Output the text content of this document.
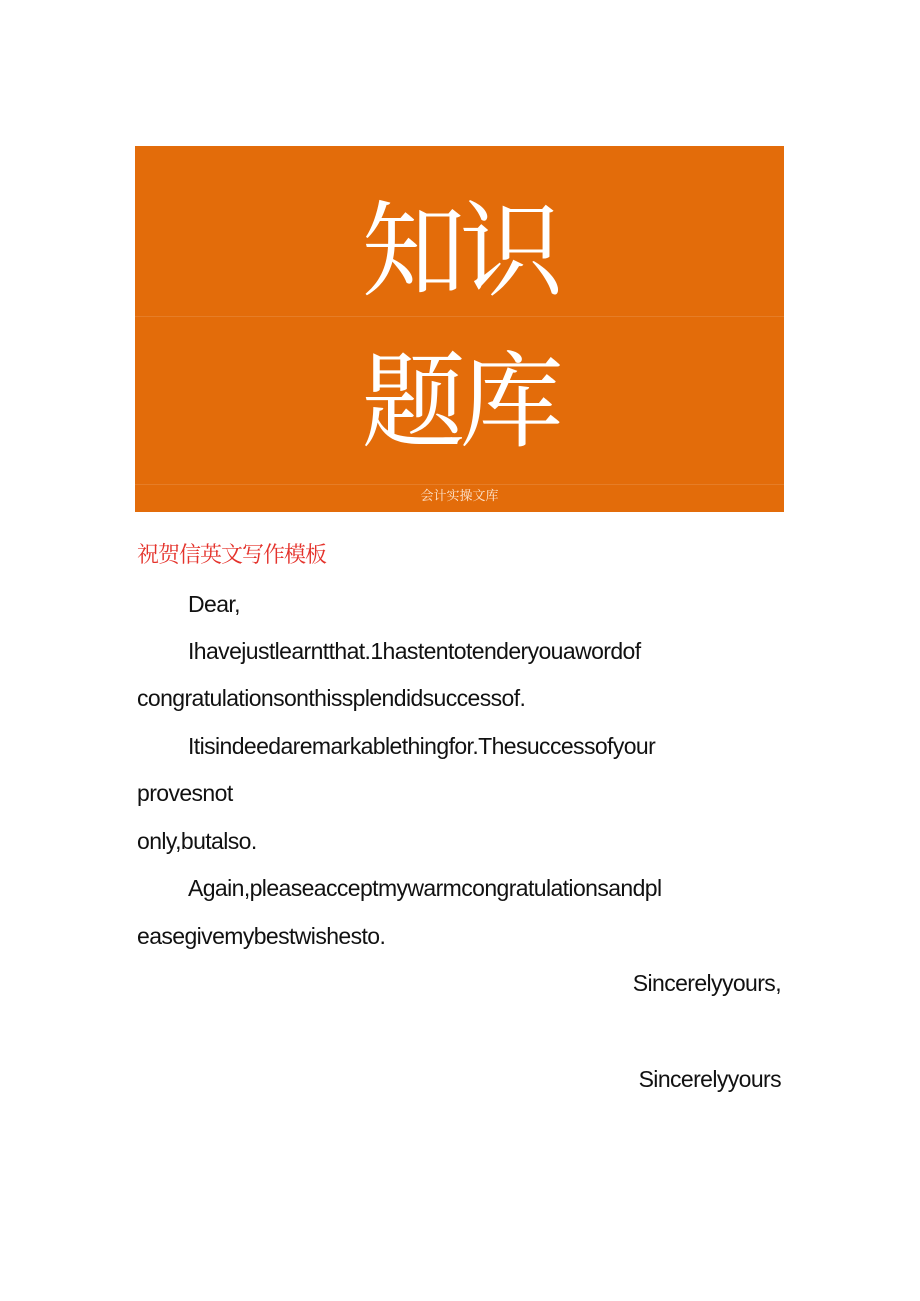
知识
题库
会计实操文库
祝贺信英文写作模板
Dear,
Ihavejustlearntthat.1hastentotenderyouawordof
congratulationsonthissplendidsuccessof.
Itisindeedaremarkablethingfor.Thesuccessofyour
provesnot
only,butalso.
Again,pleaseacceptmywarmcongratulationsandpl
easegivemybestwishesto.
Sincerelyyours,
Sincerelyyours
